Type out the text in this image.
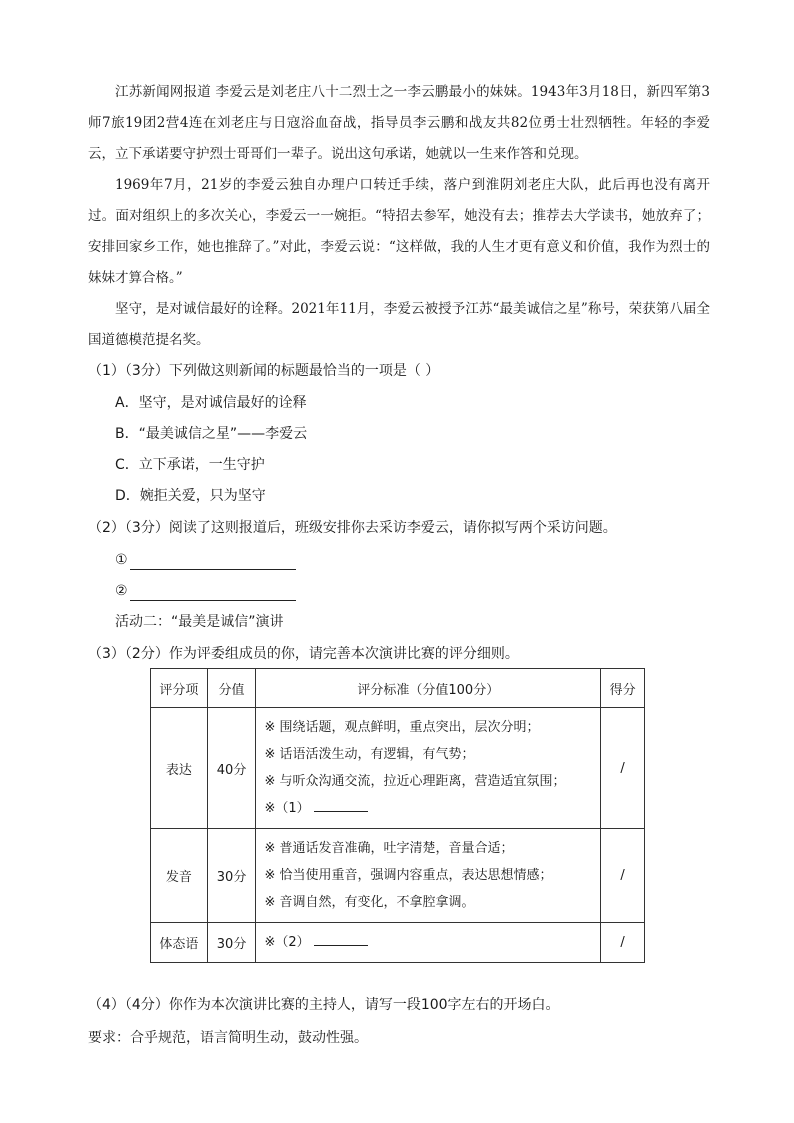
江苏新闻网报道 李爱云是刘老庄八十二烈士之一李云鹏最小的妹妹。1943年3月18日，新四军第3师7旅19团2营4连在刘老庄与日寇浴血奋战，指导员李云鹏和战友共82位勇士壮烈牺牲。年轻的李爱云，立下承诺要守护烈士哥哥们一辈子。说出这句承诺，她就以一生来作答和兑现。

1969年7月，21岁的李爱云独自办理户口转迁手续，落户到淮阴刘老庄大队，此后再也没有离开过。面对组织上的多次关心，李爱云一一婉拒。“特招去参军，她没有去；推荐去大学读书，她放弃了；安排回家乡工作，她也推辞了。”对此，李爱云说：“这样做，我的人生才更有意义和价值，我作为烈士的妹妹才算合格。”

坚守，是对诚信最好的诠释。2021年11月，李爱云被授予江苏“最美诚信之星”称号，荣获第八届全国道德模范提名奖。

（1）（3分）下列做这则新闻的标题最恰当的一项是（ ）
A．坚守，是对诚信最好的诠释
B．“最美诚信之星”——李爱云
C．立下承诺，一生守护
D．婉拒关爱，只为坚守
（2）（3分）阅读了这则报道后，班级安排你去采访李爱云，请你拟写两个采访问题。
①
②
活动二：“最美是诚信”演讲
（3）（2分）作为评委组成员的你，请完善本次演讲比赛的评分细则。
评分项	分值	评分标准（分值100分）	得分
表达	40分	※ 围绕话题，观点鲜明，重点突出，层次分明；
※ 话语活泼生动，有逻辑，有气势；
※ 与听众沟通交流，拉近心理距离，营造适宜氛围；
※（1）	/
发音	30分	※ 普通话发音准确，吐字清楚，音量合适；
※ 恰当使用重音，强调内容重点，表达思想情感；
※ 音调自然，有变化，不拿腔拿调。	/
体态语	30分	※（2）	/
（4）（4分）你作为本次演讲比赛的主持人，请写一段100字左右的开场白。
要求：合乎规范，语言简明生动，鼓动性强。
